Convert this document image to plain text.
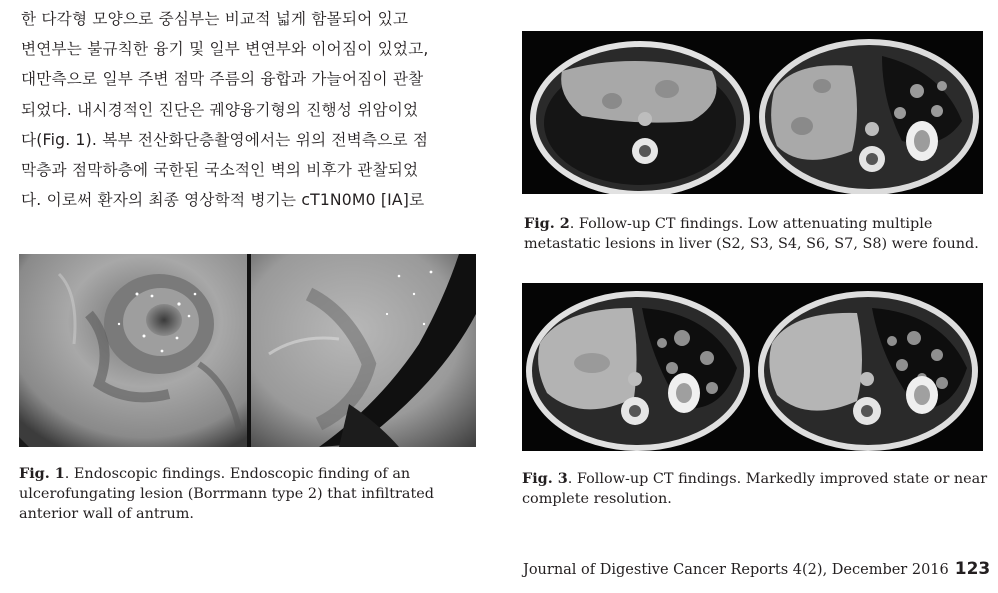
한 다각형 모양으로 중심부는 비교적 넓게 함몰되어 있고
변연부는 불규칙한 융기 및 일부 변연부와 이어짐이 있었고,
대만측으로 일부 주변 점막 주름의 융합과 가늘어짐이 관찰
되었다. 내시경적인 진단은 궤양융기형의 진행성 위암이었
다(Fig. 1). 복부 전산화단층촬영에서는 위의 전벽측으로 점
막층과 점막하층에 국한된 국소적인 벽의 비후가 관찰되었
다. 이로써 환자의 최종 영상학적 병기는 cT1N0M0 [IA]로

Fig. 1. Endoscopic findings. Endoscopic finding of an ulcerofungating lesion (Borrmann type 2) that infiltrated anterior wall of antrum.

Fig. 2. Follow-up CT findings. Low attenuating multiple metastatic lesions in liver (S2, S3, S4, S6, S7, S8) were found.

Fig. 3. Follow-up CT findings. Markedly improved state or near complete resolution.

Journal of Digestive Cancer Reports 4(2), December 2016 123
